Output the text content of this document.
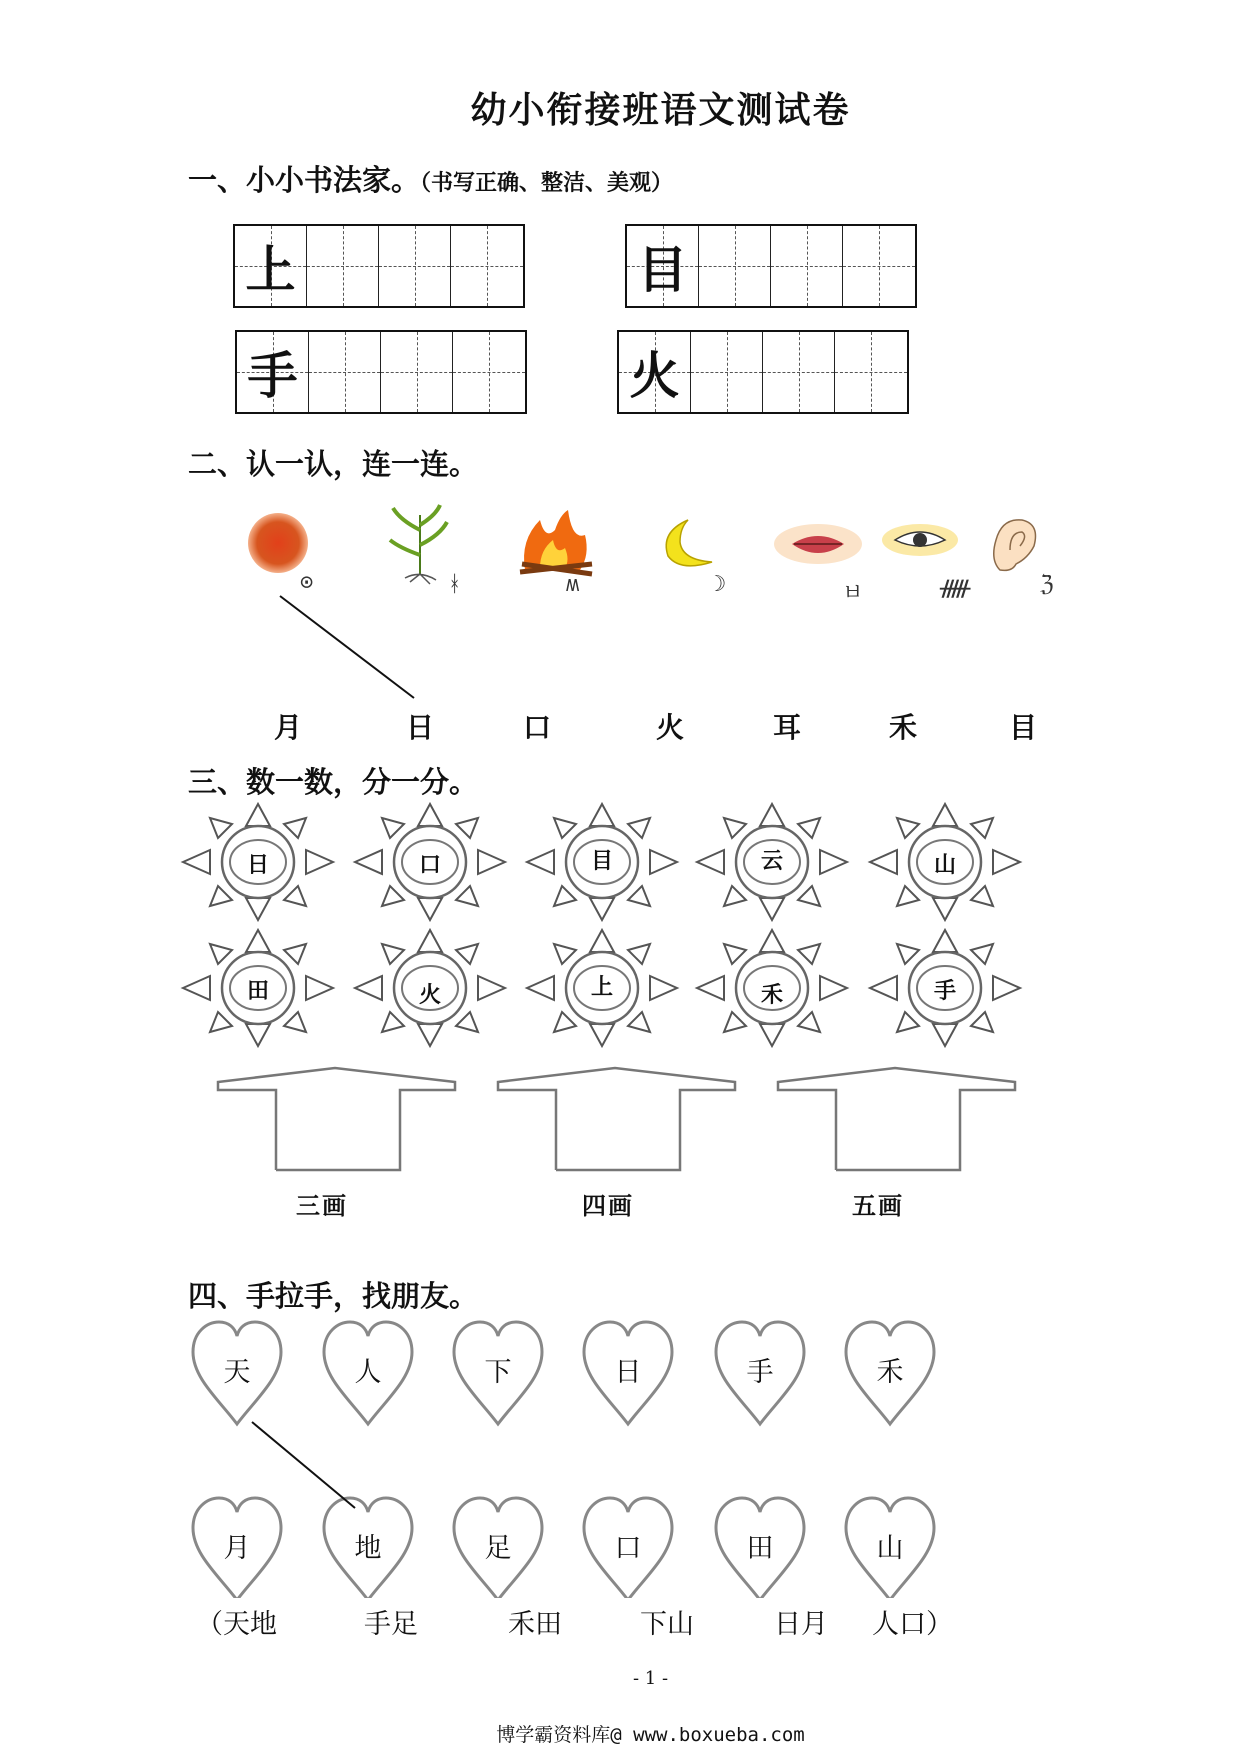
幼小衔接班语文测试卷
一、小小书法家。（书写正确、整洁、美观）
上	目
手	火
二、认一认，连一连。
⊙	ᚼ	ʍ	☽	ㅂ	ᚏ	ℨ
月	日	口	火	耳	禾	目
三、数一数，分一分。
日	口	目	云	山
田	火	上	禾	手
三画	四画	五画
四、手拉手，找朋友。
天	人	下	日	手	禾
月	地	足	口	田	山
（天地	手足	禾田	下山	日月 人口）
- 1 -
博学霸资料库@ www.boxueba.com
